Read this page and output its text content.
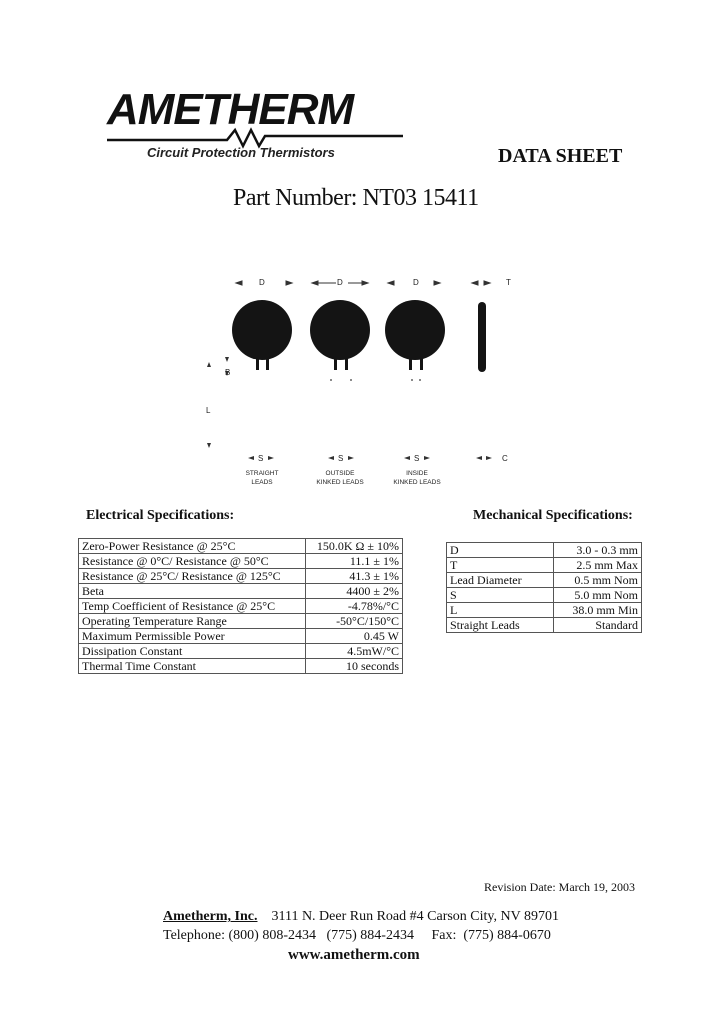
AMETHERM
Circuit Protection Thermistors	DATA SHEET
Part Number: NT03 15411
D	D	D	T
B
L
S	S	S	C
STRAIGHT
LEADS
OUTSIDE
KINKED LEADS
INSIDE
KINKED LEADS
Electrical Specifications:
Zero-Power Resistance @ 25°C	150.0K Ω ± 10%
Resistance @ 0°C/ Resistance @ 50°C	11.1 ± 1%
Resistance @ 25°C/ Resistance @ 125°C	41.3 ± 1%
Beta	4400 ± 2%
Temp Coefficient of Resistance @ 25°C	-4.78%/°C
Operating Temperature Range	-50°C/150°C
Maximum Permissible Power	0.45 W
Dissipation Constant	4.5mW/°C
Thermal Time Constant	10 seconds
Mechanical Specifications:
D	3.0 - 0.3 mm
T	2.5 mm Max
Lead Diameter	0.5 mm Nom
S	5.0 mm Nom
L	38.0 mm Min
Straight Leads	Standard
Revision Date: March 19, 2003
Ametherm, Inc. 3111 N. Deer Run Road #4 Carson City, NV 89701
Telephone: (800) 808-2434   (775) 884-2434     Fax:  (775) 884-0670
www.ametherm.com
